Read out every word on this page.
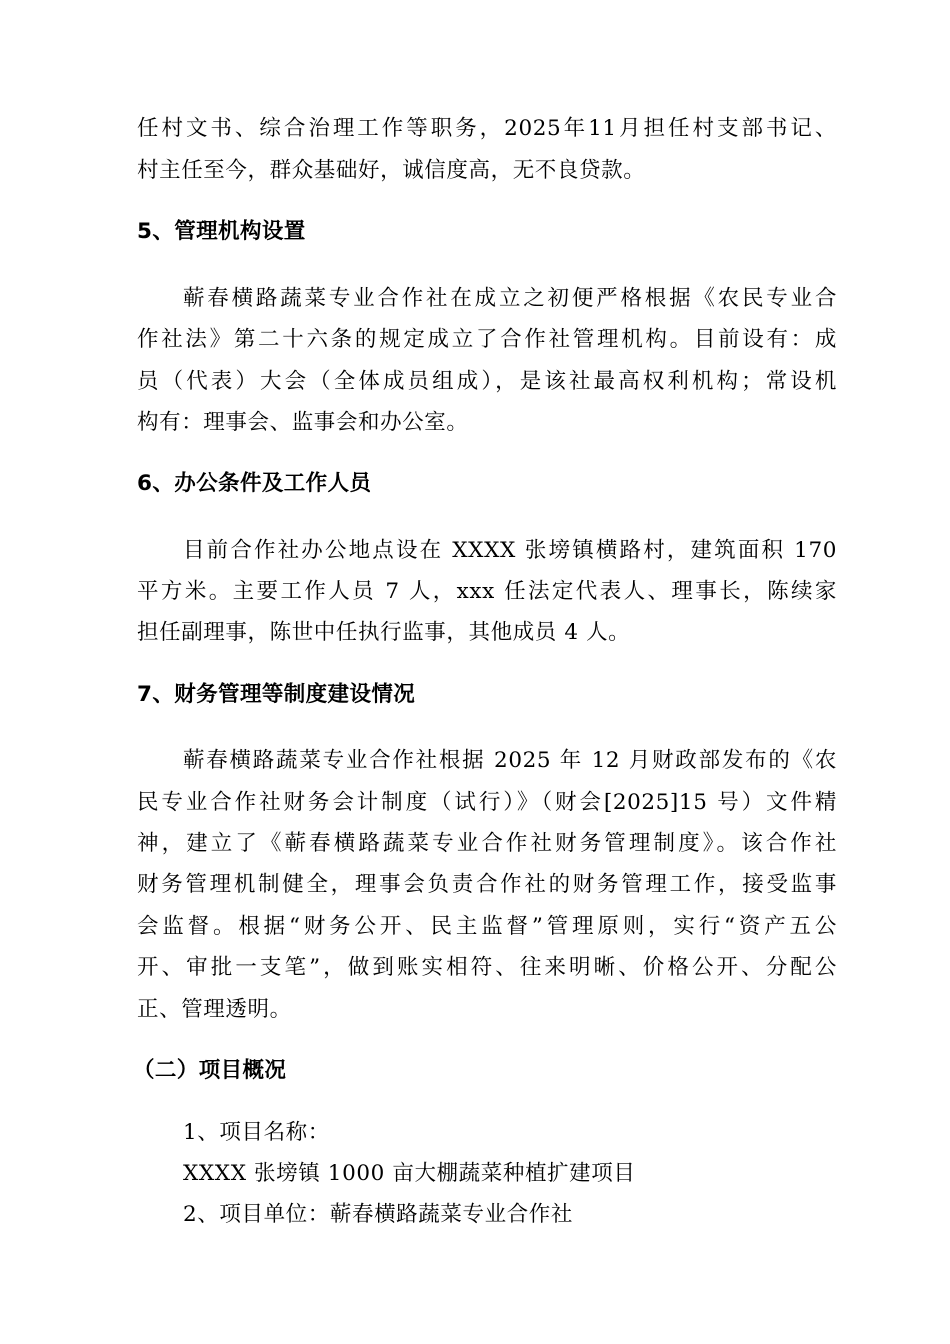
任村文书、综合治理工作等职务，2025年11月担任村支部书记、
村主任至今，群众基础好，诚信度高，无不良贷款。
5、管理机构设置
蕲春横路蔬菜专业合作社在成立之初便严格根据《农民专业合
作社法》第二十六条的规定成立了合作社管理机构。目前设有：成
员（代表）大会（全体成员组成），是该社最高权利机构；常设机
构有：理事会、监事会和办公室。
6、办公条件及工作人员
目前合作社办公地点设在 XXXX 张塝镇横路村，建筑面积 170
平方米。主要工作人员 7 人，xxx 任法定代表人、理事长，陈续家
担任副理事，陈世中任执行监事，其他成员 4 人。
7、财务管理等制度建设情况
蕲春横路蔬菜专业合作社根据 2025 年 12 月财政部发布的《农
民专业合作社财务会计制度（试行）》（财会[2025]15 号）文件精
神，建立了《蕲春横路蔬菜专业合作社财务管理制度》。该合作社
财务管理机制健全，理事会负责合作社的财务管理工作，接受监事
会监督。根据“财务公开、民主监督”管理原则，实行“资产五公
开、审批一支笔”，做到账实相符、往来明晰、价格公开、分配公
正、管理透明。
（二）项目概况
1、项目名称：
XXXX 张塝镇 1000 亩大棚蔬菜种植扩建项目
2、项目单位：蕲春横路蔬菜专业合作社
